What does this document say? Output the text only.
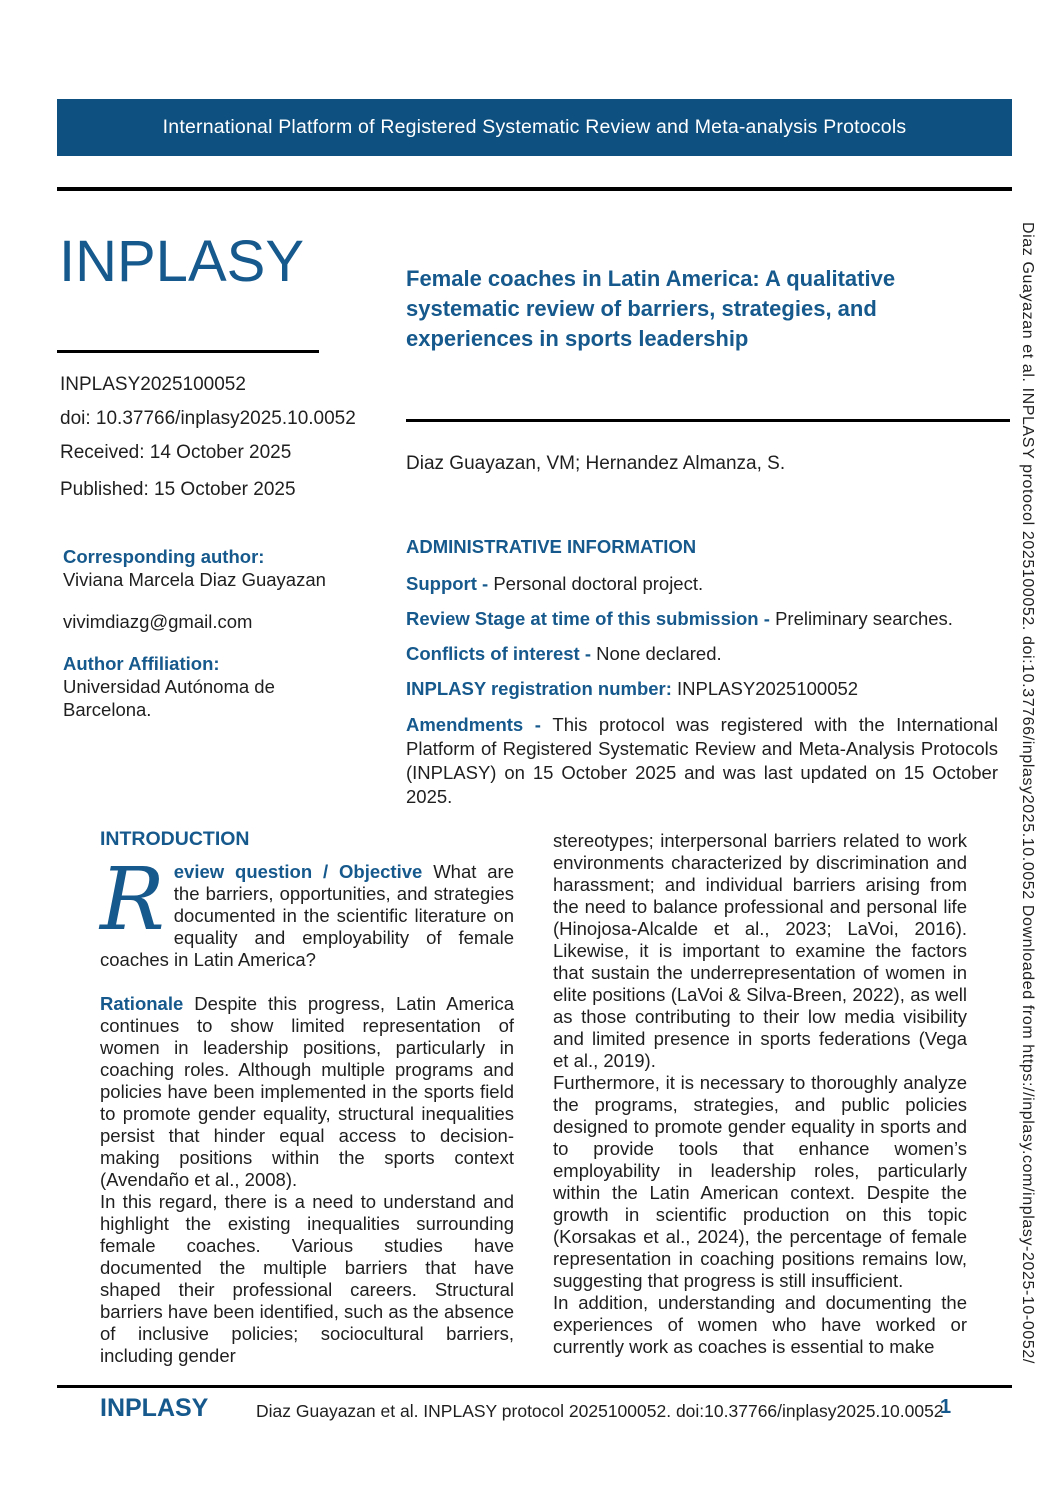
International Platform of Registered Systematic Review and Meta-analysis Protocols
INPLASY

INPLASY2025100052

doi: 10.37766/inplasy2025.10.0052

Received: 14 October 2025

Published: 15 October 2025

Corresponding author:

Viviana Marcela Diaz Guayazan

vivimdiazg@gmail.com

Author Affiliation:

Universidad Autónoma de Barcelona.

Female coaches in Latin America: A qualitative systematic review of barriers, strategies, and experiences in sports leadership
Diaz Guayazan, VM; Hernandez Almanza, S.

ADMINISTRATIVE INFORMATION

Support - Personal doctoral project.

Review Stage at time of this submission - Preliminary searches.

Conflicts of interest - None declared.

INPLASY registration number: INPLASY2025100052

Amendments - This protocol was registered with the International Platform of Registered Systematic Review and Meta-Analysis Protocols (INPLASY) on 15 October 2025 and was last updated on 15 October 2025.

INTRODUCTION

Review question / Objective What are the barriers, opportunities, and strategies documented in the scientific literature on equality and employability of female coaches in Latin America?

Rationale Despite this progress, Latin America continues to show limited representation of women in leadership positions, particularly in coaching roles. Although multiple programs and policies have been implemented in the sports field to promote gender equality, structural inequalities persist that hinder equal access to decision-making positions within the sports context (Avendaño et al., 2008).

In this regard, there is a need to understand and highlight the existing inequalities surrounding female coaches. Various studies have documented the multiple barriers that have shaped their professional careers. Structural barriers have been identified, such as the absence of inclusive policies; sociocultural barriers, including gender

stereotypes; interpersonal barriers related to work environments characterized by discrimination and harassment; and individual barriers arising from the need to balance professional and personal life (Hinojosa-Alcalde et al., 2023; LaVoi, 2016). Likewise, it is important to examine the factors that sustain the underrepresentation of women in elite positions (LaVoi & Silva-Breen, 2022), as well as those contributing to their low media visibility and limited presence in sports federations (Vega et al., 2019).

Furthermore, it is necessary to thoroughly analyze the programs, strategies, and public policies designed to promote gender equality in sports and to provide tools that enhance women’s employability in leadership roles, particularly within the Latin American context. Despite the growth in scientific production on this topic (Korsakas et al., 2024), the percentage of female representation in coaching positions remains low, suggesting that progress is still insufficient.

In addition, understanding and documenting the experiences of women who have worked or currently work as coaches is essential to make

INPLASY	Diaz Guayazan et al. INPLASY protocol 2025100052. doi:10.37766/inplasy2025.10.0052
1
Diaz Guayazan et al. INPLASY protocol 2025100052. doi:10.37766/inplasy2025.10.0052 Downloaded from https://inplasy.com/inplasy-2025-10-0052/
